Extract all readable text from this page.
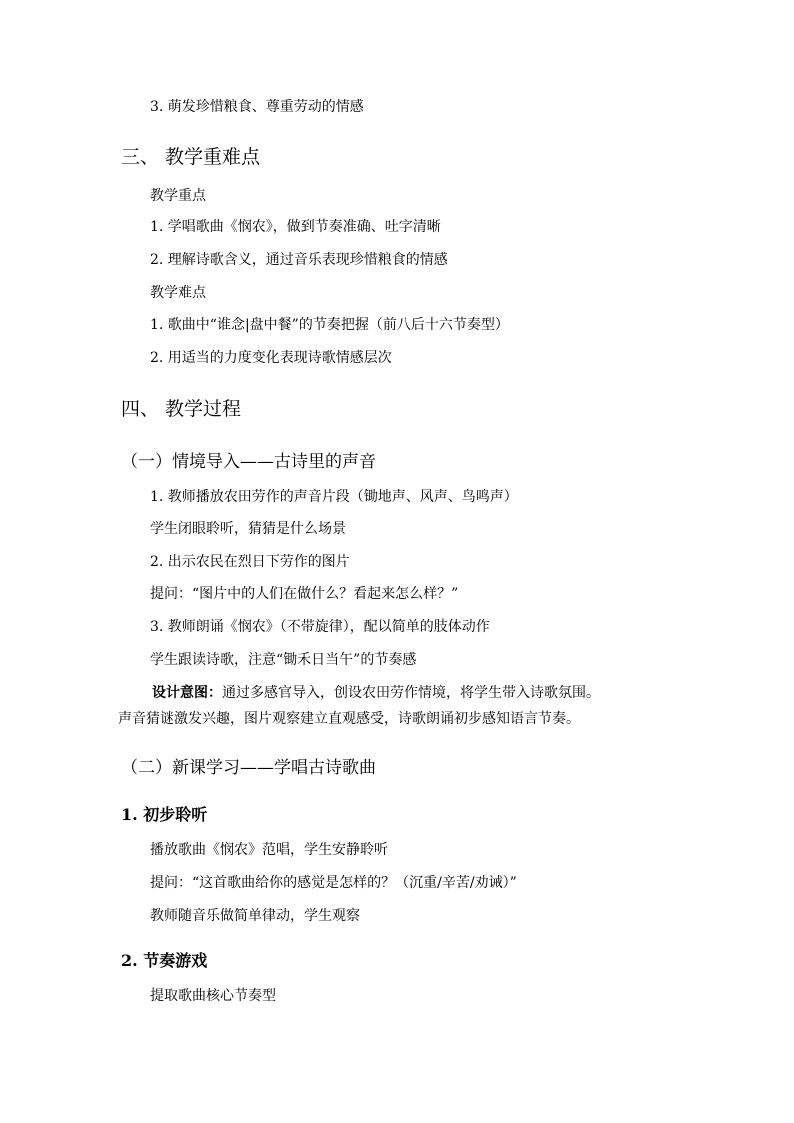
3. 萌发珍惜粮食、尊重劳动的情感
三、 教学重难点
教学重点
1. 学唱歌曲《悯农》，做到节奏准确、吐字清晰
2. 理解诗歌含义，通过音乐表现珍惜粮食的情感
教学难点
1. 歌曲中“谁念|盘中餐”的节奏把握（前八后十六节奏型）
2. 用适当的力度变化表现诗歌情感层次
四、 教学过程
（一）情境导入——古诗里的声音
1. 教师播放农田劳作的声音片段（锄地声、风声、鸟鸣声）
学生闭眼聆听，猜猜是什么场景
2. 出示农民在烈日下劳作的图片
提问：“图片中的人们在做什么？看起来怎么样？”
3. 教师朗诵《悯农》（不带旋律），配以简单的肢体动作
学生跟读诗歌，注意“锄禾日当午”的节奏感
设计意图：通过多感官导入，创设农田劳作情境，将学生带入诗歌氛围。
声音猜谜激发兴趣，图片观察建立直观感受，诗歌朗诵初步感知语言节奏。
（二）新课学习——学唱古诗歌曲
1. 初步聆听
播放歌曲《悯农》范唱，学生安静聆听
提问：“这首歌曲给你的感觉是怎样的？（沉重/辛苦/劝诫）”
教师随音乐做简单律动，学生观察
2. 节奏游戏
提取歌曲核心节奏型
